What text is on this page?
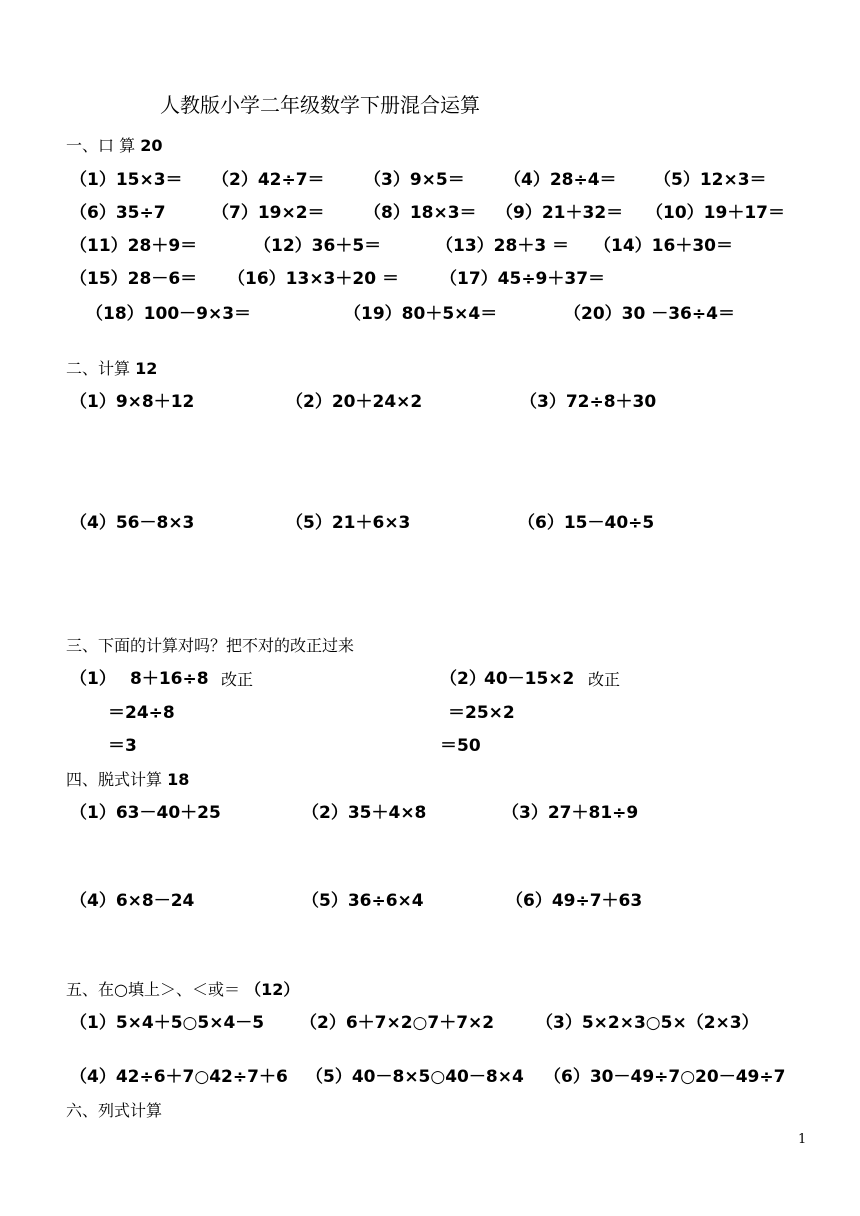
人教版小学二年级数学下册混合运算
一、口 算 20
（1）15×3＝ （2）42÷7＝ （3）9×5＝ （4）28÷4＝ （5）12×3＝
（6）35÷7	（7）19×2＝ （8）18×3＝ （9）21＋32＝ （10）19＋17＝
（11）28＋9＝	（12）36＋5＝	（13）28＋3 ＝ （14）16＋30＝
（15）28－6＝ （16）13×3＋20 ＝ （17）45÷9＋37＝
（18）100－9×3＝	（19）80＋5×4＝	（20）30 －36÷4＝
二、计算 12
（1）9×8＋12	（2）20＋24×2	（3）72÷8＋30
（4）56－8×3	（5）21＋6×3	（6）15－40÷5
三、下面的计算对吗？把不对的改正过来
（1） 8＋16÷8 改正
＝24÷8
＝3
（2）
40－15×2 改正
＝25×2
＝50
四、脱式计算 18
（1）63－40＋25	（2）35＋4×8	（3）27＋81÷9
（4）6×8－24	（5）36÷6×4	（6）49÷7＋63
五、在○填上＞、＜或＝ （12）
（1）5×4＋5○5×4－5 （2）6＋7×2○7＋7×2 （3）5×2×3○5×（2×3）
（4）42÷6＋7○42÷7＋6 （5）40－8×5○40－8×4 （6）30－49÷7○20－49÷7
六、列式计算
1
